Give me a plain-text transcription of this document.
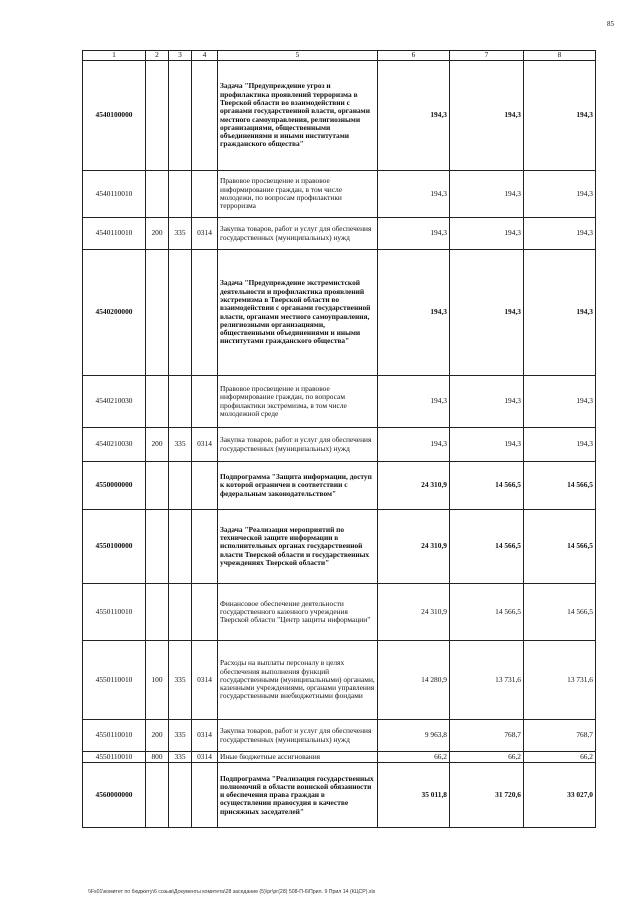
85
1	2	3	4	5	6	7	8
4540100000				Задача "Предупреждение угроз и профилактика проявлений терроризма в Тверской области во взаимодействии с органами государственной власти, органами местного самоуправления, религиозными организациями, общественными объединениями и иными институтами гражданского общества"	194,3	194,3	194,3
4540110010				Правовое просвещение и правовое информирование граждан, в том числе молодежи, по вопросам профилактики терроризма	194,3	194,3	194,3
4540110010	200	335	0314	Закупка товаров, работ и услуг для обеспечения государственных (муниципальных) нужд	194,3	194,3	194,3
4540200000				Задача "Предупреждение экстремистской деятельности и профилактика проявлений экстремизма в Тверской области во взаимодействии с органами государственной власти, органами местного самоуправления, религиозными организациями, общественными объединениями и иными институтами гражданского общества"	194,3	194,3	194,3
4540210030				Правовое просвещение и правовое информирование граждан, по вопросам профилактики экстремизма, в том числе молодежной среде	194,3	194,3	194,3
4540210030	200	335	0314	Закупка товаров, работ и услуг для обеспечения государственных (муниципальных) нужд	194,3	194,3	194,3
4550000000				Подпрограмма "Защита информации, доступ к которой ограничен в соответствии с федеральным законодательством"	24 310,9	14 566,5	14 566,5
4550100000				Задача "Реализация мероприятий по технической защите информации в исполнительных органах государственной власти Тверской области и государственных учреждениях Тверской области"	24 310,9	14 566,5	14 566,5
4550110010				Финансовое обеспечение деятельности государственного казенного учреждения Тверской области "Центр защиты информации"	24 310,9	14 566,5	14 566,5
4550110010	100	335	0314	Расходы на выплаты персоналу в целях обеспечения выполнения функций государственными (муниципальными) органами, казенными учреждениями, органами управления государственными внебюджетными фондами	14 280,9	13 731,6	13 731,6
4550110010	200	335	0314	Закупка товаров, работ и услуг для обеспечения государственных (муниципальных) нужд	9 963,8	768,7	768,7
4550110010	800	335	0314	Иные бюджетные ассигнования	66,2	66,2	66,2
4560000000				Подпрограмма "Реализация государственных полномочий в области воинской обязанности и обеспечения права граждан в осуществлении правосудия в качестве присяжных заседателей"	35 011,8	31 720,6	33 027,0
\\Fs01\комитет по бюджету\6 созыв\Документы комитета\28 заседание (5)\рг\рг(28) 508-П-6\Прил. 9 Прил 14 (КЦСР).xls
